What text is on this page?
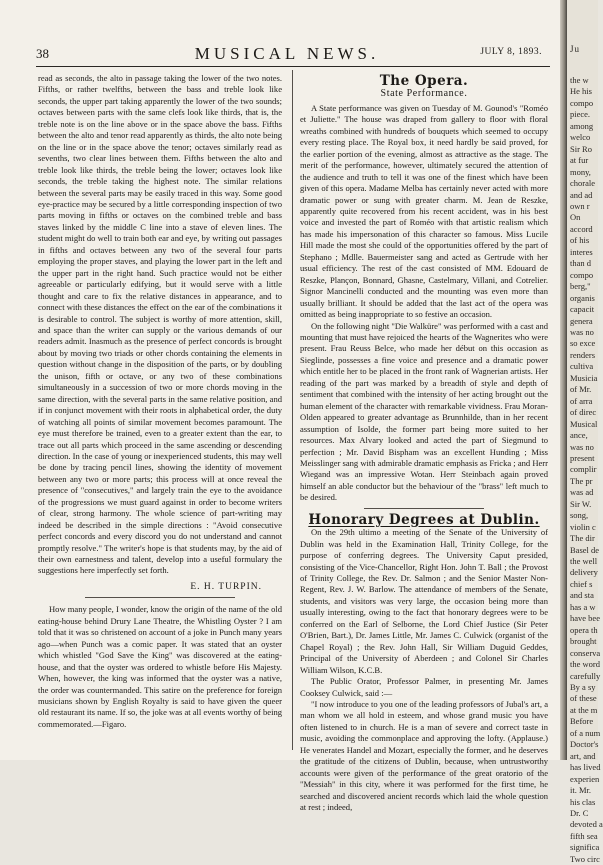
38	MUSICAL NEWS.	JULY 8, 1893.

read as seconds, the alto in passage taking the lower of the two notes. Fifths, or rather twelfths, between the bass and treble look like seconds, the upper part taking apparently the lower of the two sounds; octaves between parts with the same clefs look like thirds, that is, the treble note is on the line above or in the space above the bass. Fifths between the alto and tenor read apparently as thirds, the alto note being on the line or in the space above the tenor; octaves similarly read as sevenths, two clear lines between them. Fifths between the alto and treble look like thirds, the treble being the lower; octaves look like seconds, the treble taking the highest note. The similar relations between the several parts may be easily traced in this way. Some good eye-practice may be secured by a little corresponding inspection of two parts moving in fifths or octaves on the combined treble and bass staves linked by the middle C line into a stave of eleven lines. The student might do well to train both ear and eye, by writing out passages in fifths and octaves between any two of the several four parts employing the proper staves, and playing the lower part in the left and the upper part in the right hand. Such practice would not be either agreeable or particularly edifying, but it would serve with a little thought and care to fix the relative distances in appearance, and to connect with these distances the effect on the ear of the combinations it is desirable to control. The subject is worthy of more attention, skill, and space than the writer can supply or the various demands of our readers admit. Inasmuch as the presence of perfect concords is brought about by moving two triads or other chords containing the elements in question without change in the disposition of the parts, or by doubling the unison, fifth or octave, or any two of these combinations simultaneously in a succession of two or more chords moving in the same direction, with the several parts in the same relative position, and if in conjunct movement with their roots in alphabetical order, the duty of watching all points of similar movement becomes paramount. The eye must therefore be trained, even to a greater extent than the ear, to trace out all parts which proceed in the same ascending or descending direction. In the case of young or inexperienced students, this may well be done by tracing pencil lines, showing the identity of movement between any two or more parts; this process will at once reveal the presence of "consecutives," and largely train the eye to the avoidance of the progressions we must guard against in order to become writers of clear, strong harmony. The whole science of part-writing may indeed be described in the simple directions : "Avoid consecutive perfect concords and every discord you do not understand and cannot promptly resolve." The writer's hope is that students may, by the aid of their own earnestness and talent, develop into a useful formulary the suggestions here imperfectly set forth.

E. H. TURPIN.

How many people, I wonder, know the origin of the name of the old eating-house behind Drury Lane Theatre, the Whistling Oyster ? I am told that it was so christened on account of a joke in Punch many years ago—when Punch was a comic paper. It was stated that an oyster which whistled "God Save the King" was discovered at the eating-house, and that the oyster was ordered to whistle before His Majesty. When, however, the king was informed that the oyster was a native, the order was countermanded. This satire on the preference for foreign musicians shown by English Royalty is said to have given the queer old restaurant its name. If so, the joke was at all events worthy of being commemorated.—Figaro.

The Opera.
State Performance.

A State performance was given on Tuesday of M. Gounod's "Roméo et Juliette." The house was draped from gallery to floor with floral wreaths combined with hundreds of bouquets which seemed to occupy every resting place. The Royal box, it need hardly be said proved, for the earlier portion of the evening, almost as attractive as the stage. The merit of the performance, however, ultimately secured the attention of the audience and truth to tell it was one of the finest which have been given of this opera. Madame Melba has certainly never acted with more dramatic power or sung with greater charm. M. Jean de Reszke, apparently quite recovered from his recent accident, was in his best voice and invested the part of Roméo with that artistic realism which has made his impersonation of this character so famous. Miss Lucile Hill made the most she could of the opportunities offered by the part of Stephano ; Mdlle. Bauermeister sang and acted as Gertrude with her usual efficiency. The rest of the cast consisted of MM. Edouard de Reszke, Plançon, Bonnard, Ghasne, Castelmary, Villani, and Cotrelier. Signor Mancinelli conducted and the mounting was even more than usually brilliant. It should be added that the last act of the opera was omitted as being inappropriate to so festive an occasion.

On the following night "Die Walküre" was performed with a cast and mounting that must have rejoiced the hearts of the Wagnerites who were present. Frau Reuss Belce, who made her début on this occasion as Sieglinde, possesses a fine voice and presence and a dramatic power which entitle her to be placed in the front rank of Wagnerian artists. Her reading of the part was marked by a breadth of style and depth of sentiment that combined with the intensity of her acting brought out the human element of the character with remarkable vividness. Frau Moran-Olden appeared to greater advantage as Brunnhilde, than in her recent assumption of Isolde, the former part being more suited to her resources. Max Alvary looked and acted the part of Siegmund to perfection ; Mr. David Bispham was an excellent Hunding ; Miss Meisslinger sang with admirable dramatic emphasis as Fricka ; and Herr Wiegand was an impressive Wotan. Herr Steinbach again proved himself an able conductor but the behaviour of the "brass" left much to be desired.

Honorary Degrees at Dublin.

On the 29th ultimo a meeting of the Senate of the University of Dublin was held in the Examination Hall, Trinity College, for the purpose of conferring degrees. The University Caput presided, consisting of the Vice-Chancellor, Right Hon. John T. Ball ; the Provost of Trinity College, the Rev. Dr. Salmon ; and the Senior Master Non-Regent, Rev. J. W. Barlow. The attendance of members of the Senate, students, and visitors was very large, the occasion being more than usually interesting, owing to the fact that honorary degrees were to be conferred on the Earl of Selborne, the Lord Chief Justice (Sir Peter O'Brien, Bart.), Dr. James Little, Mr. James C. Culwick (organist of the Chapel Royal) ; the Rev. John Hall, Sir William Duguid Geddes, Principal of the University of Aberdeen ; and Colonel Sir Charles William Wilson, K.C.B.

The Public Orator, Professor Palmer, in presenting Mr. James Cooksey Culwick, said :—

"I now introduce to you one of the leading professors of Jubal's art, a man whom we all hold in esteem, and whose grand music you have often listened to in church. He is a man of severe and correct taste in music, avoiding the commonplace and approving the lofty. (Applause.) He venerates Handel and Mozart, especially the former, and he deserves the gratitude of the citizens of Dublin, because, when untrustworthy accounts were given of the performance of the great oratorio of the "Messiah" in this city, where it was performed for the first time, he searched and discovered ancient records which laid the whole question at rest ; indeed,

Ju
the w
He his
compo
piece.
among
welco
Sir Ro
at fur
mony,
chorale
and ad
own r
On
accord
of his
interes
than d
compo
berg,"
organis
capacit
genera
was no
so exce
renders
cultiva
Musicia
of Mr.
of arra
of direc
Musical
ance,
was no
present
complir
The pr
was ad
Sir W.
song,
violin c
The dir
Basel de
the well
delivery
chief s
and sta
has a w
have bee
opera th
brought
conserva
the word
carefully
By a sy
of these
at the m
Before
of a num
Doctor's
art, and
has lived
experien
it. Mr.
his clas
Dr. C
devoted a
fifth sea
significa
Two circ
